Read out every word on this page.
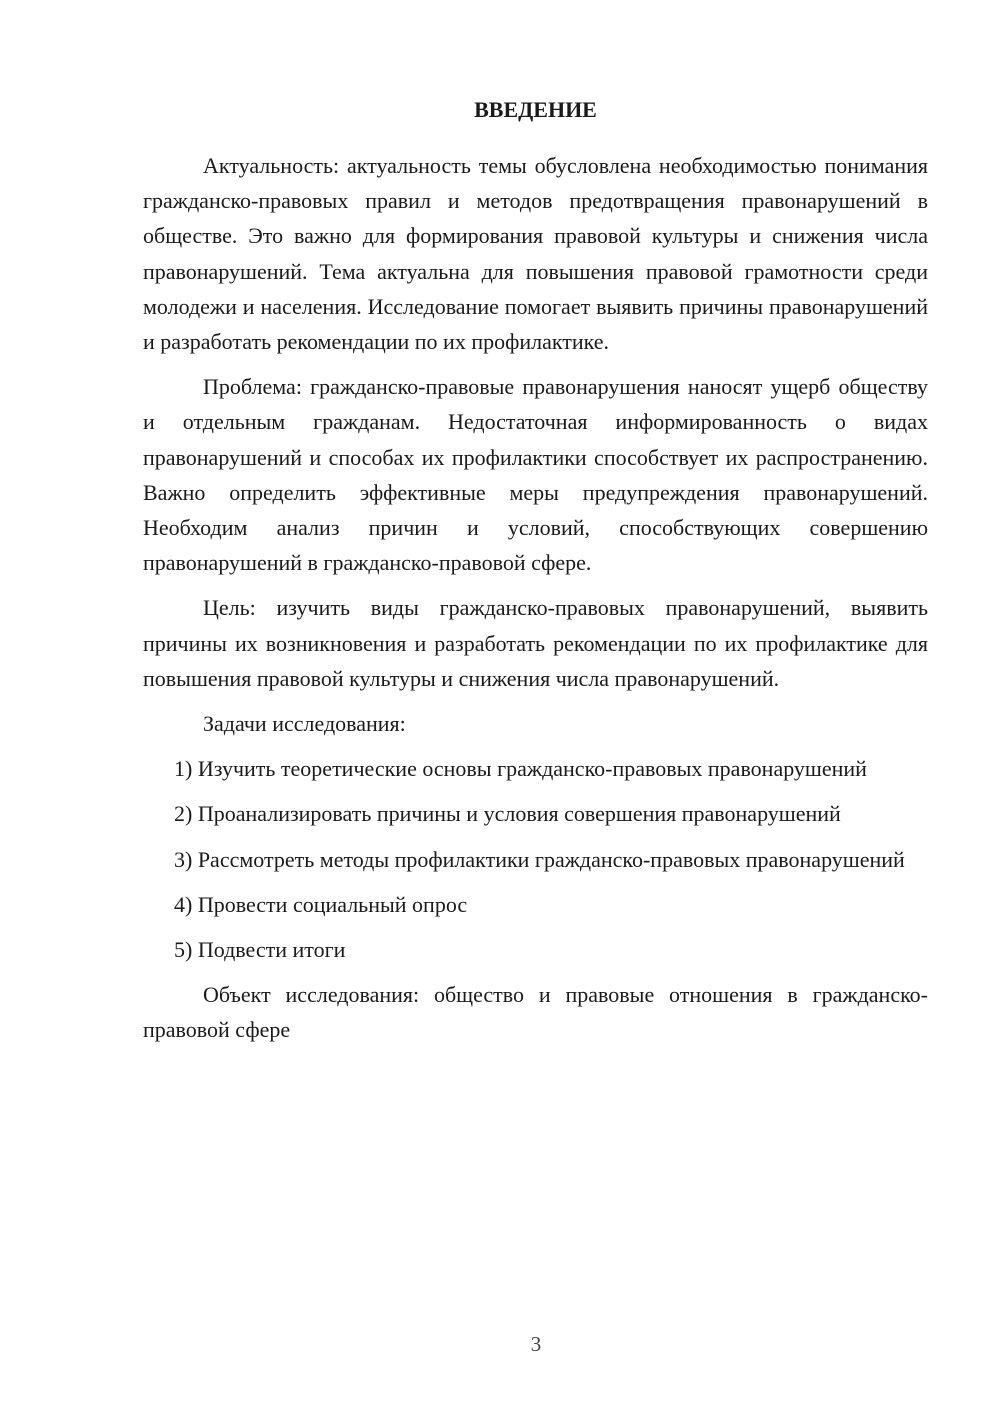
ВВЕДЕНИЕ

Актуальность: актуальность темы обусловлена необходимостью понимания гражданско-правовых правил и методов предотвращения правонарушений в обществе. Это важно для формирования правовой культуры и снижения числа правонарушений. Тема актуальна для повышения правовой грамотности среди молодежи и населения. Исследование помогает выявить причины правонарушений и разработать рекомендации по их профилактике.

Проблема: гражданско-правовые правонарушения наносят ущерб обществу и отдельным гражданам. Недостаточная информированность о видах правонарушений и способах их профилактики способствует их распространению. Важно определить эффективные меры предупреждения правонарушений. Необходим анализ причин и условий, способствующих совершению правонарушений в гражданско-правовой сфере.

Цель: изучить виды гражданско-правовых правонарушений, выявить причины их возникновения и разработать рекомендации по их профилактике для повышения правовой культуры и снижения числа правонарушений.

Задачи исследования:

1) Изучить теоретические основы гражданско-правовых правонарушений

2) Проанализировать причины и условия совершения правонарушений

3) Рассмотреть методы профилактики гражданско-правовых правонарушений

4) Провести социальный опрос

5) Подвести итоги

Объект исследования: общество и правовые отношения в гражданско-правовой сфере

3
